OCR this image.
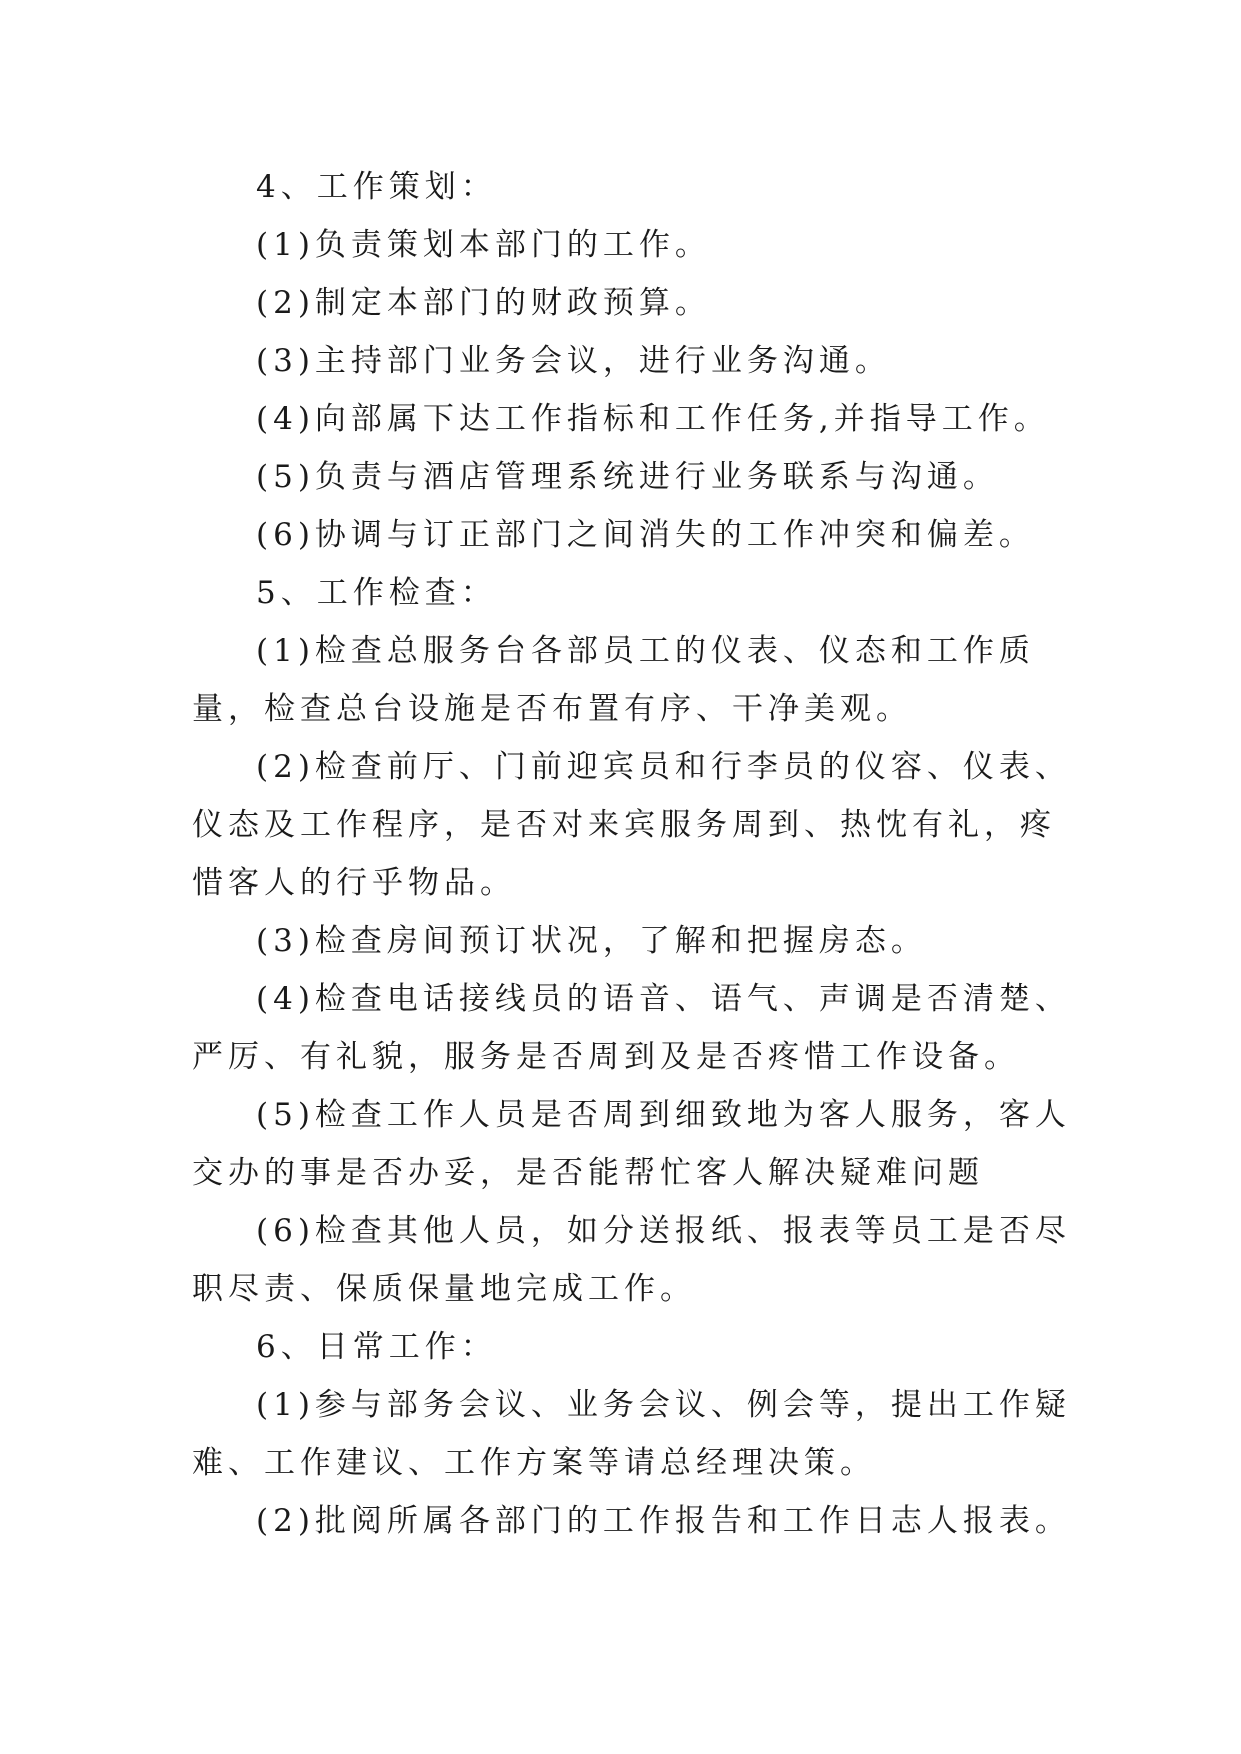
4、工作策划：

(1)负责策划本部门的工作。

(2)制定本部门的财政预算。

(3)主持部门业务会议，进行业务沟通。

(4)向部属下达工作指标和工作任务,并指导工作。

(5)负责与酒店管理系统进行业务联系与沟通。

(6)协调与订正部门之间消失的工作冲突和偏差。

5、工作检查：

(1)检查总服务台各部员工的仪表、仪态和工作质量，检查总台设施是否布置有序、干净美观。

(2)检查前厅、门前迎宾员和行李员的仪容、仪表、仪态及工作程序，是否对来宾服务周到、热忱有礼，疼惜客人的行乎物品。

(3)检查房间预订状况，了解和把握房态。

(4)检查电话接线员的语音、语气、声调是否清楚、严厉、有礼貌，服务是否周到及是否疼惜工作设备。

(5)检查工作人员是否周到细致地为客人服务，客人交办的事是否办妥，是否能帮忙客人解决疑难问题

(6)检查其他人员，如分送报纸、报表等员工是否尽职尽责、保质保量地完成工作。

6、日常工作：

(1)参与部务会议、业务会议、例会等，提出工作疑难、工作建议、工作方案等请总经理决策。

(2)批阅所属各部门的工作报告和工作日志人报表。
